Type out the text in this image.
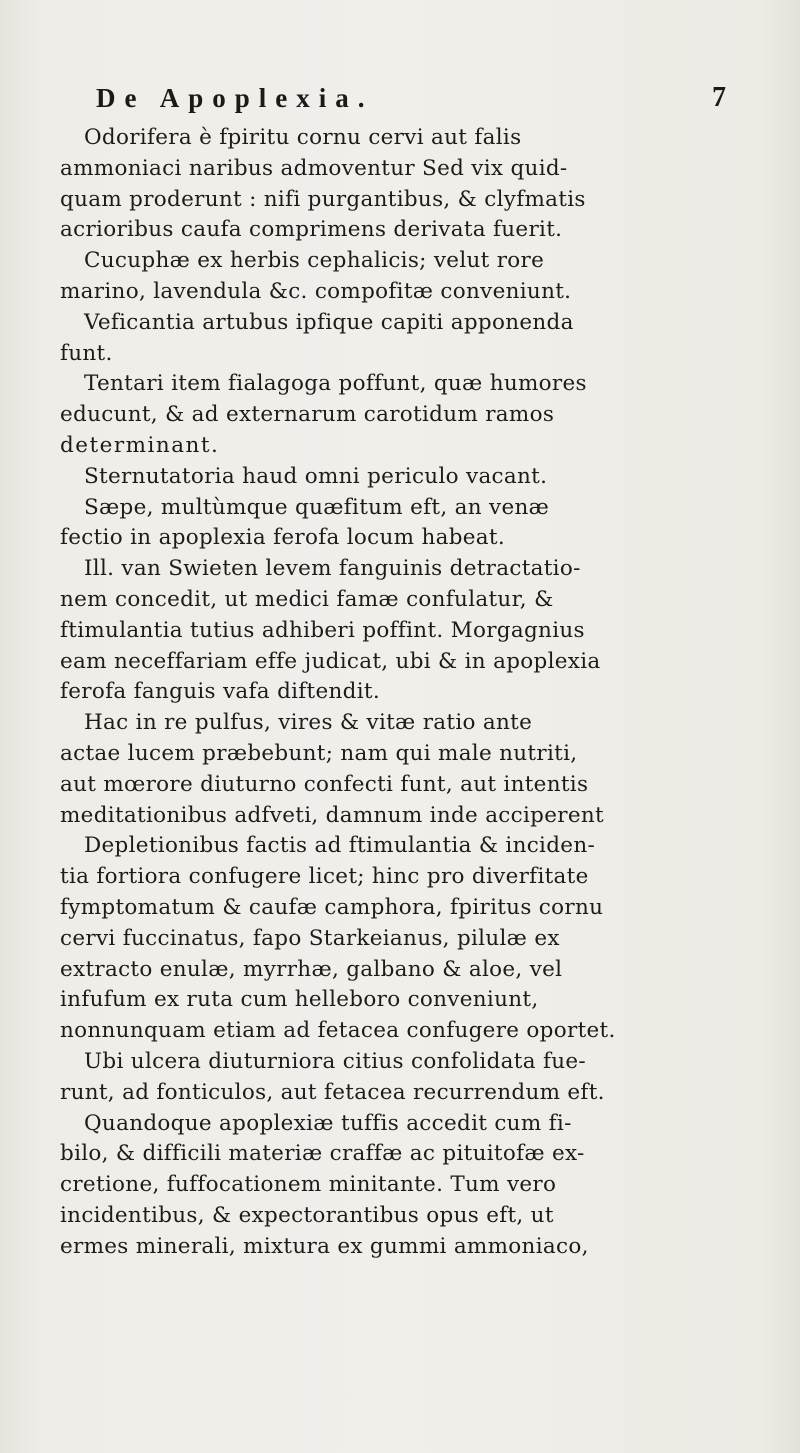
De Apoplexia.	7
Odorifera è fpiritu cornu cervi aut falis
ammoniaci naribus admoventur Sed vix quid-
quam proderunt : nifi purgantibus, & clyfmatis
acrioribus caufa comprimens derivata fuerit.
Cucuphæ ex herbis cephalicis; velut rore
marino, lavendula &c. compofitæ conveniunt.
Veficantia artubus ipfique capiti apponenda
funt.
Tentari item fialagoga poffunt, quæ humores
educunt, & ad externarum carotidum ramos
determinant.
Sternutatoria haud omni periculo vacant.
Sæpe, multùmque quæfitum eft, an venæ
fectio in apoplexia ferofa locum habeat.
Ill. van Swieten levem fanguinis detractatio-
nem concedit, ut medici famæ confulatur, &
ftimulantia tutius adhiberi poffint. Morgagnius
eam neceffariam effe judicat, ubi & in apoplexia
ferofa fanguis vafa diftendit.
Hac in re pulfus, vires & vitæ ratio ante
actae lucem præbebunt; nam qui male nutriti,
aut mœrore diuturno confecti funt, aut intentis
meditationibus adfveti, damnum inde acciperent
Depletionibus factis ad ftimulantia & inciden-
tia fortiora confugere licet; hinc pro diverfitate
fymptomatum & caufæ camphora, fpiritus cornu
cervi fuccinatus, fapo Starkeianus, pilulæ ex
extracto enulæ, myrrhæ, galbano & aloe, vel
infufum ex ruta cum helleboro conveniunt,
nonnunquam etiam ad fetacea confugere oportet.
Ubi ulcera diuturniora citius confolidata fue-
runt, ad fonticulos, aut fetacea recurrendum eft.
Quandoque apoplexiæ tuffis accedit cum fi-
bilo, & difficili materiæ craffæ ac pituitofæ ex-
cretione, fuffocationem minitante. Tum vero
incidentibus, & expectorantibus opus eft, ut
ermes minerali, mixtura ex gummi ammoniaco,
